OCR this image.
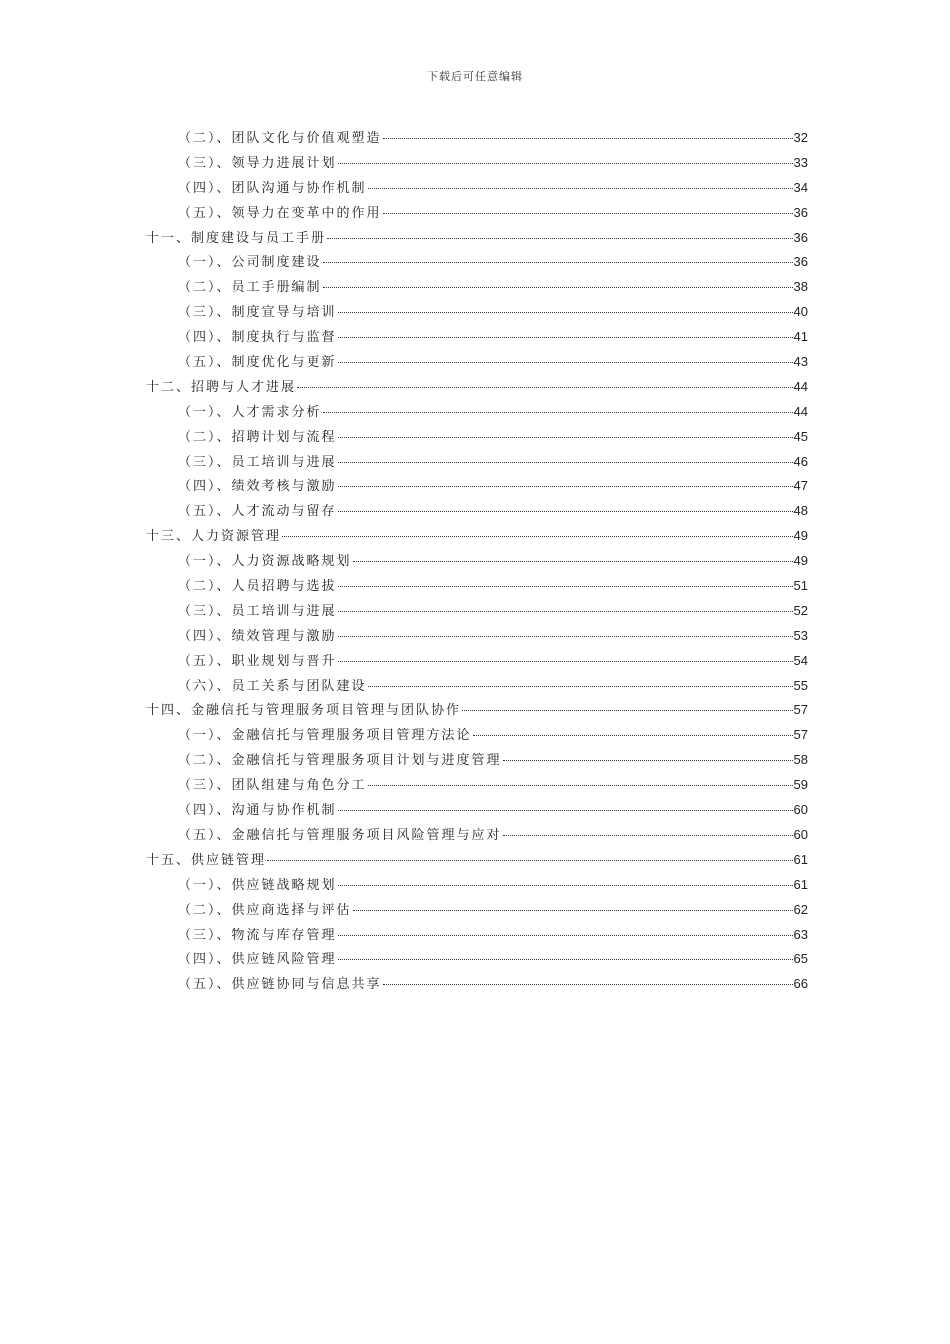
下载后可任意编辑
（二）、团队文化与价值观塑造	32
（三）、领导力进展计划	33
（四）、团队沟通与协作机制	34
（五）、领导力在变革中的作用	36
十一、制度建设与员工手册	36
（一）、公司制度建设	36
（二）、员工手册编制	38
（三）、制度宣导与培训	40
（四）、制度执行与监督	41
（五）、制度优化与更新	43
十二、招聘与人才进展	44
（一）、人才需求分析	44
（二）、招聘计划与流程	45
（三）、员工培训与进展	46
（四）、绩效考核与激励	47
（五）、人才流动与留存	48
十三、人力资源管理	49
（一）、人力资源战略规划	49
（二）、人员招聘与选拔	51
（三）、员工培训与进展	52
（四）、绩效管理与激励	53
（五）、职业规划与晋升	54
（六）、员工关系与团队建设	55
十四、金融信托与管理服务项目管理与团队协作	57
（一）、金融信托与管理服务项目管理方法论	57
（二）、金融信托与管理服务项目计划与进度管理	58
（三）、团队组建与角色分工	59
（四）、沟通与协作机制	60
（五）、金融信托与管理服务项目风险管理与应对	60
十五、供应链管理	61
（一）、供应链战略规划	61
（二）、供应商选择与评估	62
（三）、物流与库存管理	63
（四）、供应链风险管理	65
（五）、供应链协同与信息共享	66
